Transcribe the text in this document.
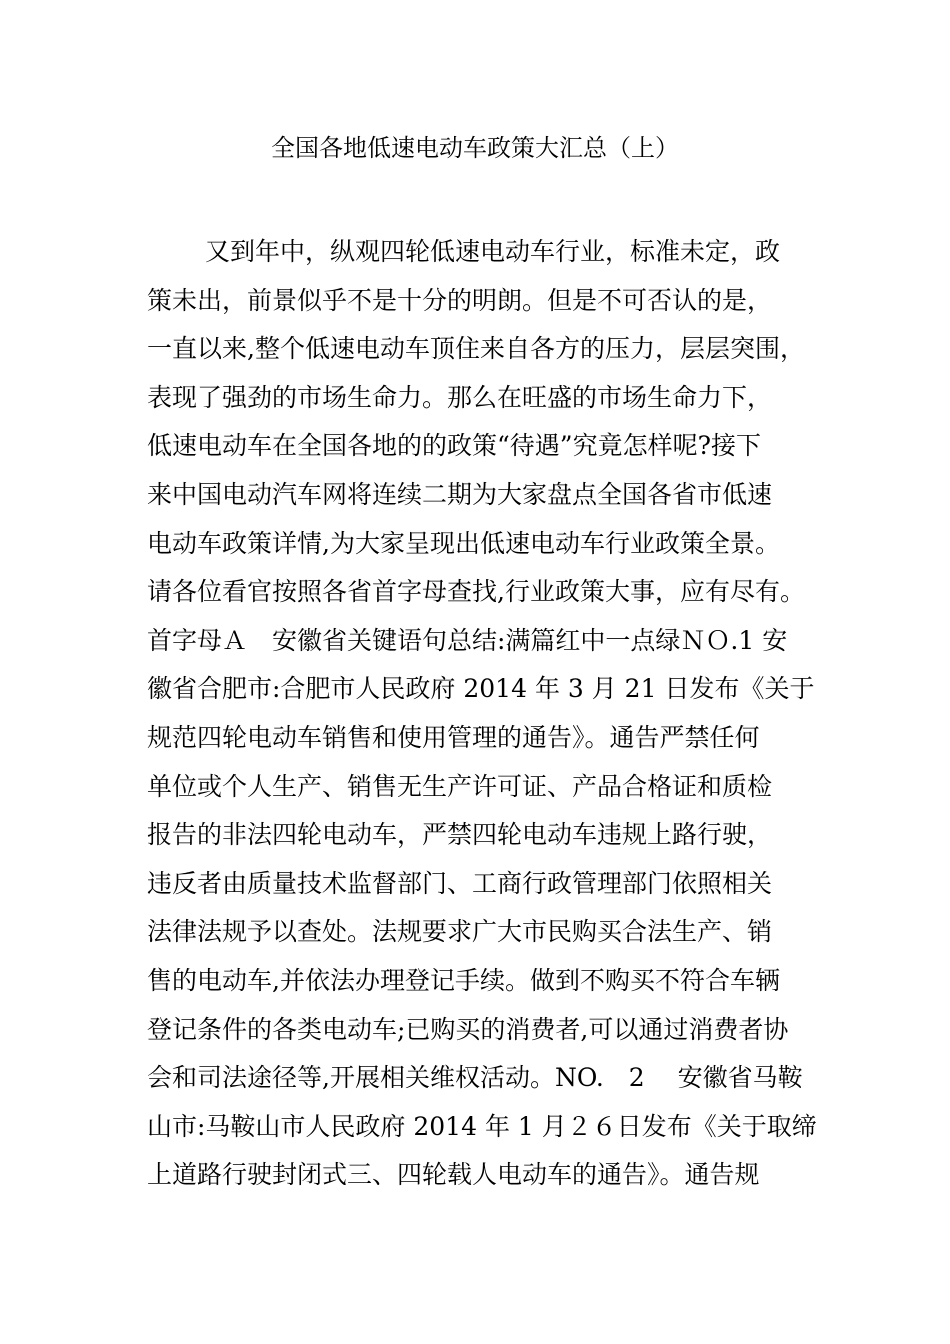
全国各地低速电动车政策大汇总（上）
又到年中，纵观四轮低速电动车行业，标准未定，政
策未出，前景似乎不是十分的明朗。但是不可否认的是，
一直以来,整个低速电动车顶住来自各方的压力，层层突围，
表现了强劲的市场生命力。那么在旺盛的市场生命力下，
低速电动车在全国各地的的政策“待遇”究竟怎样呢?接下
来中国电动汽车网将连续二期为大家盘点全国各省市低速
电动车政策详情,为大家呈现出低速电动车行业政策全景。
请各位看官按照各省首字母查找,行业政策大事，应有尽有。
首字母Ａ　安徽省关键语句总结:满篇红中一点绿ＮＯ.1 安
徽省合肥市:合肥市人民政府 2014 年 3 月 21 日发布《关于
规范四轮电动车销售和使用管理的通告》。通告严禁任何
单位或个人生产、销售无生产许可证、产品合格证和质检
报告的非法四轮电动车，严禁四轮电动车违规上路行驶，
违反者由质量技术监督部门、工商行政管理部门依照相关
法律法规予以查处。法规要求广大市民购买合法生产、销
售的电动车,并依法办理登记手续。做到不购买不符合车辆
登记条件的各类电动车;已购买的消费者,可以通过消费者协
会和司法途径等,开展相关维权活动。NO.　2　 安徽省马鞍
山市:马鞍山市人民政府 2014 年 1 月２６日发布《关于取缔
上道路行驶封闭式三、四轮载人电动车的通告》。通告规
